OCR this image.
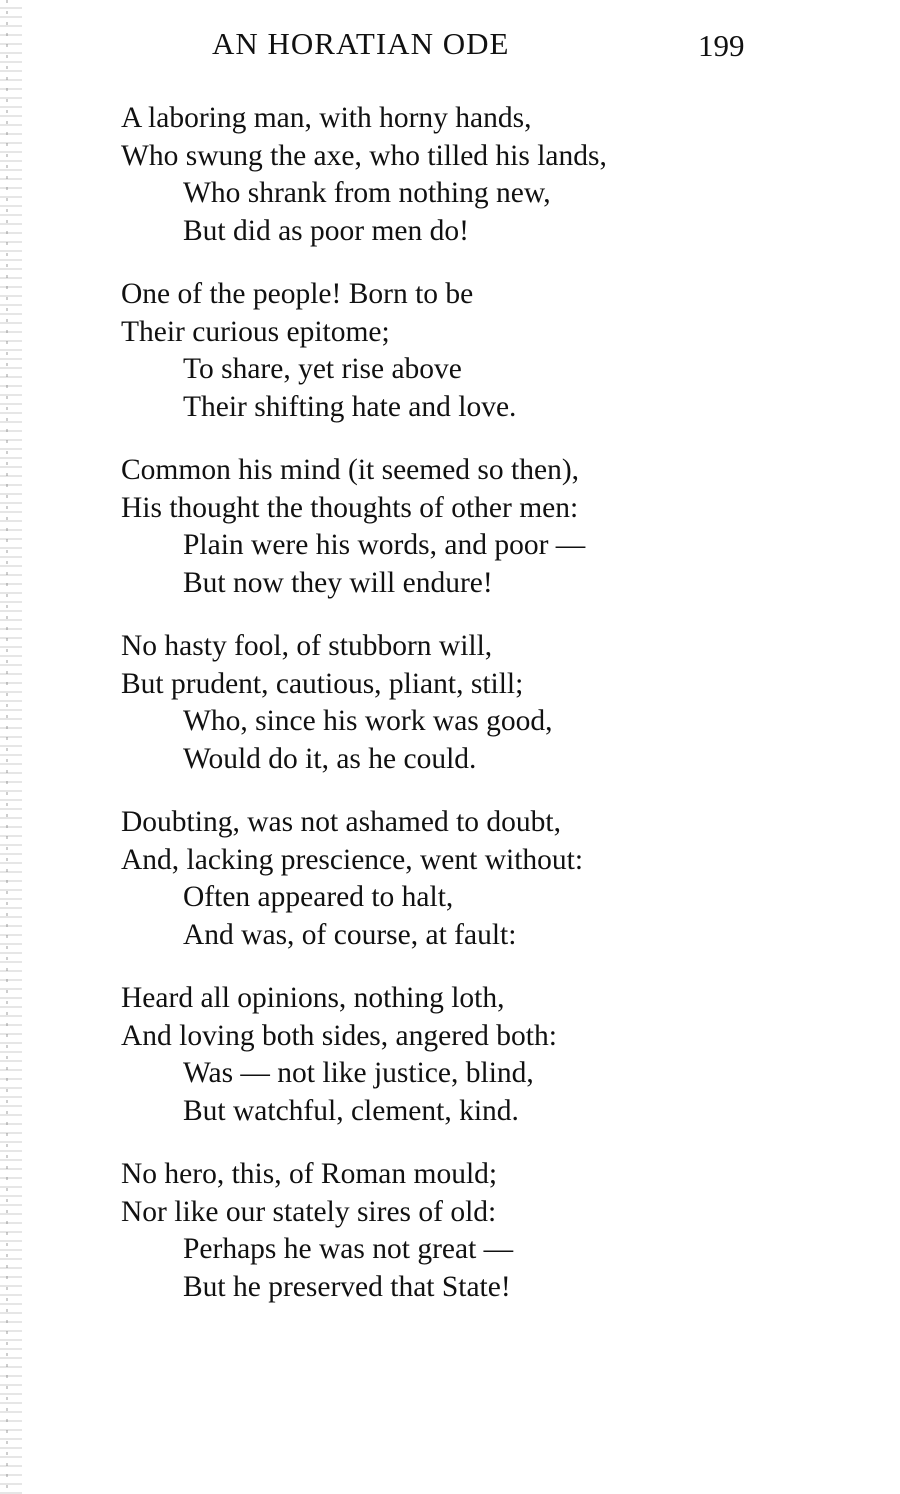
AN HORATIAN ODE	199
A laboring man, with horny hands,
Who swung the axe, who tilled his lands,
Who shrank from nothing new,
But did as poor men do!
One of the people! Born to be
Their curious epitome;
To share, yet rise above
Their shifting hate and love.
Common his mind (it seemed so then),
His thought the thoughts of other men:
Plain were his words, and poor —
But now they will endure!
No hasty fool, of stubborn will,
But prudent, cautious, pliant, still;
Who, since his work was good,
Would do it, as he could.
Doubting, was not ashamed to doubt,
And, lacking prescience, went without:
Often appeared to halt,
And was, of course, at fault:
Heard all opinions, nothing loth,
And loving both sides, angered both:
Was — not like justice, blind,
But watchful, clement, kind.
No hero, this, of Roman mould;
Nor like our stately sires of old:
Perhaps he was not great —
But he preserved that State!
